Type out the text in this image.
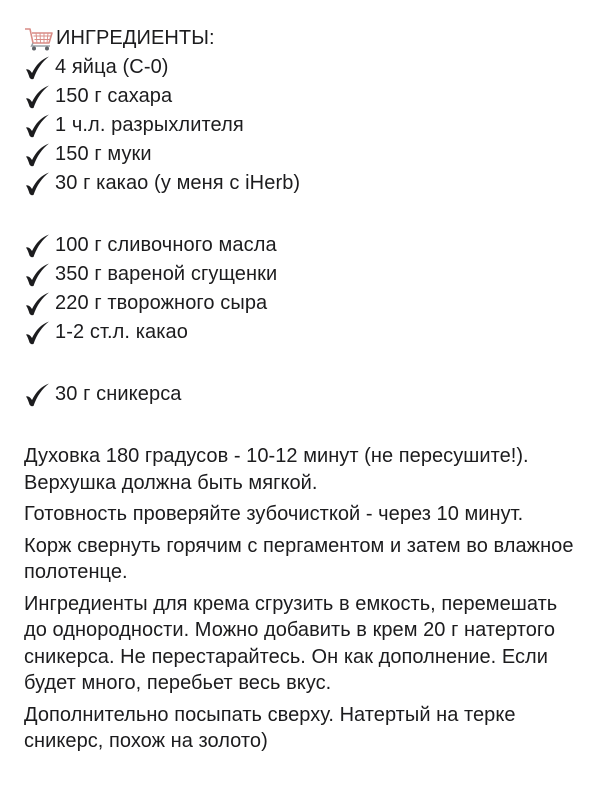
ИНГРЕДИЕНТЫ:
4 яйца (С-0)
150 г сахара
1 ч.л. разрыхлителя
150 г муки
30 г какао (у меня с iHerb)
100 г сливочного масла
350 г вареной сгущенки
220 г творожного сыра
1-2 ст.л. какао
30 г сникерса

Духовка 180 градусов - 10-12 минут (не пересушите!). Верхушка должна быть мягкой.

Готовность проверяйте зубочисткой - через 10 минут.

Корж свернуть горячим с пергаментом и затем во влажное полотенце.

Ингредиенты для крема сгрузить в емкость, перемешать до однородности. Можно добавить в крем 20 г натертого сникерса. Не перестарайтесь. Он как дополнение. Если будет много, перебьет весь вкус.

Дополнительно посыпать сверху. Натертый на терке сникерс, похож на золото)
